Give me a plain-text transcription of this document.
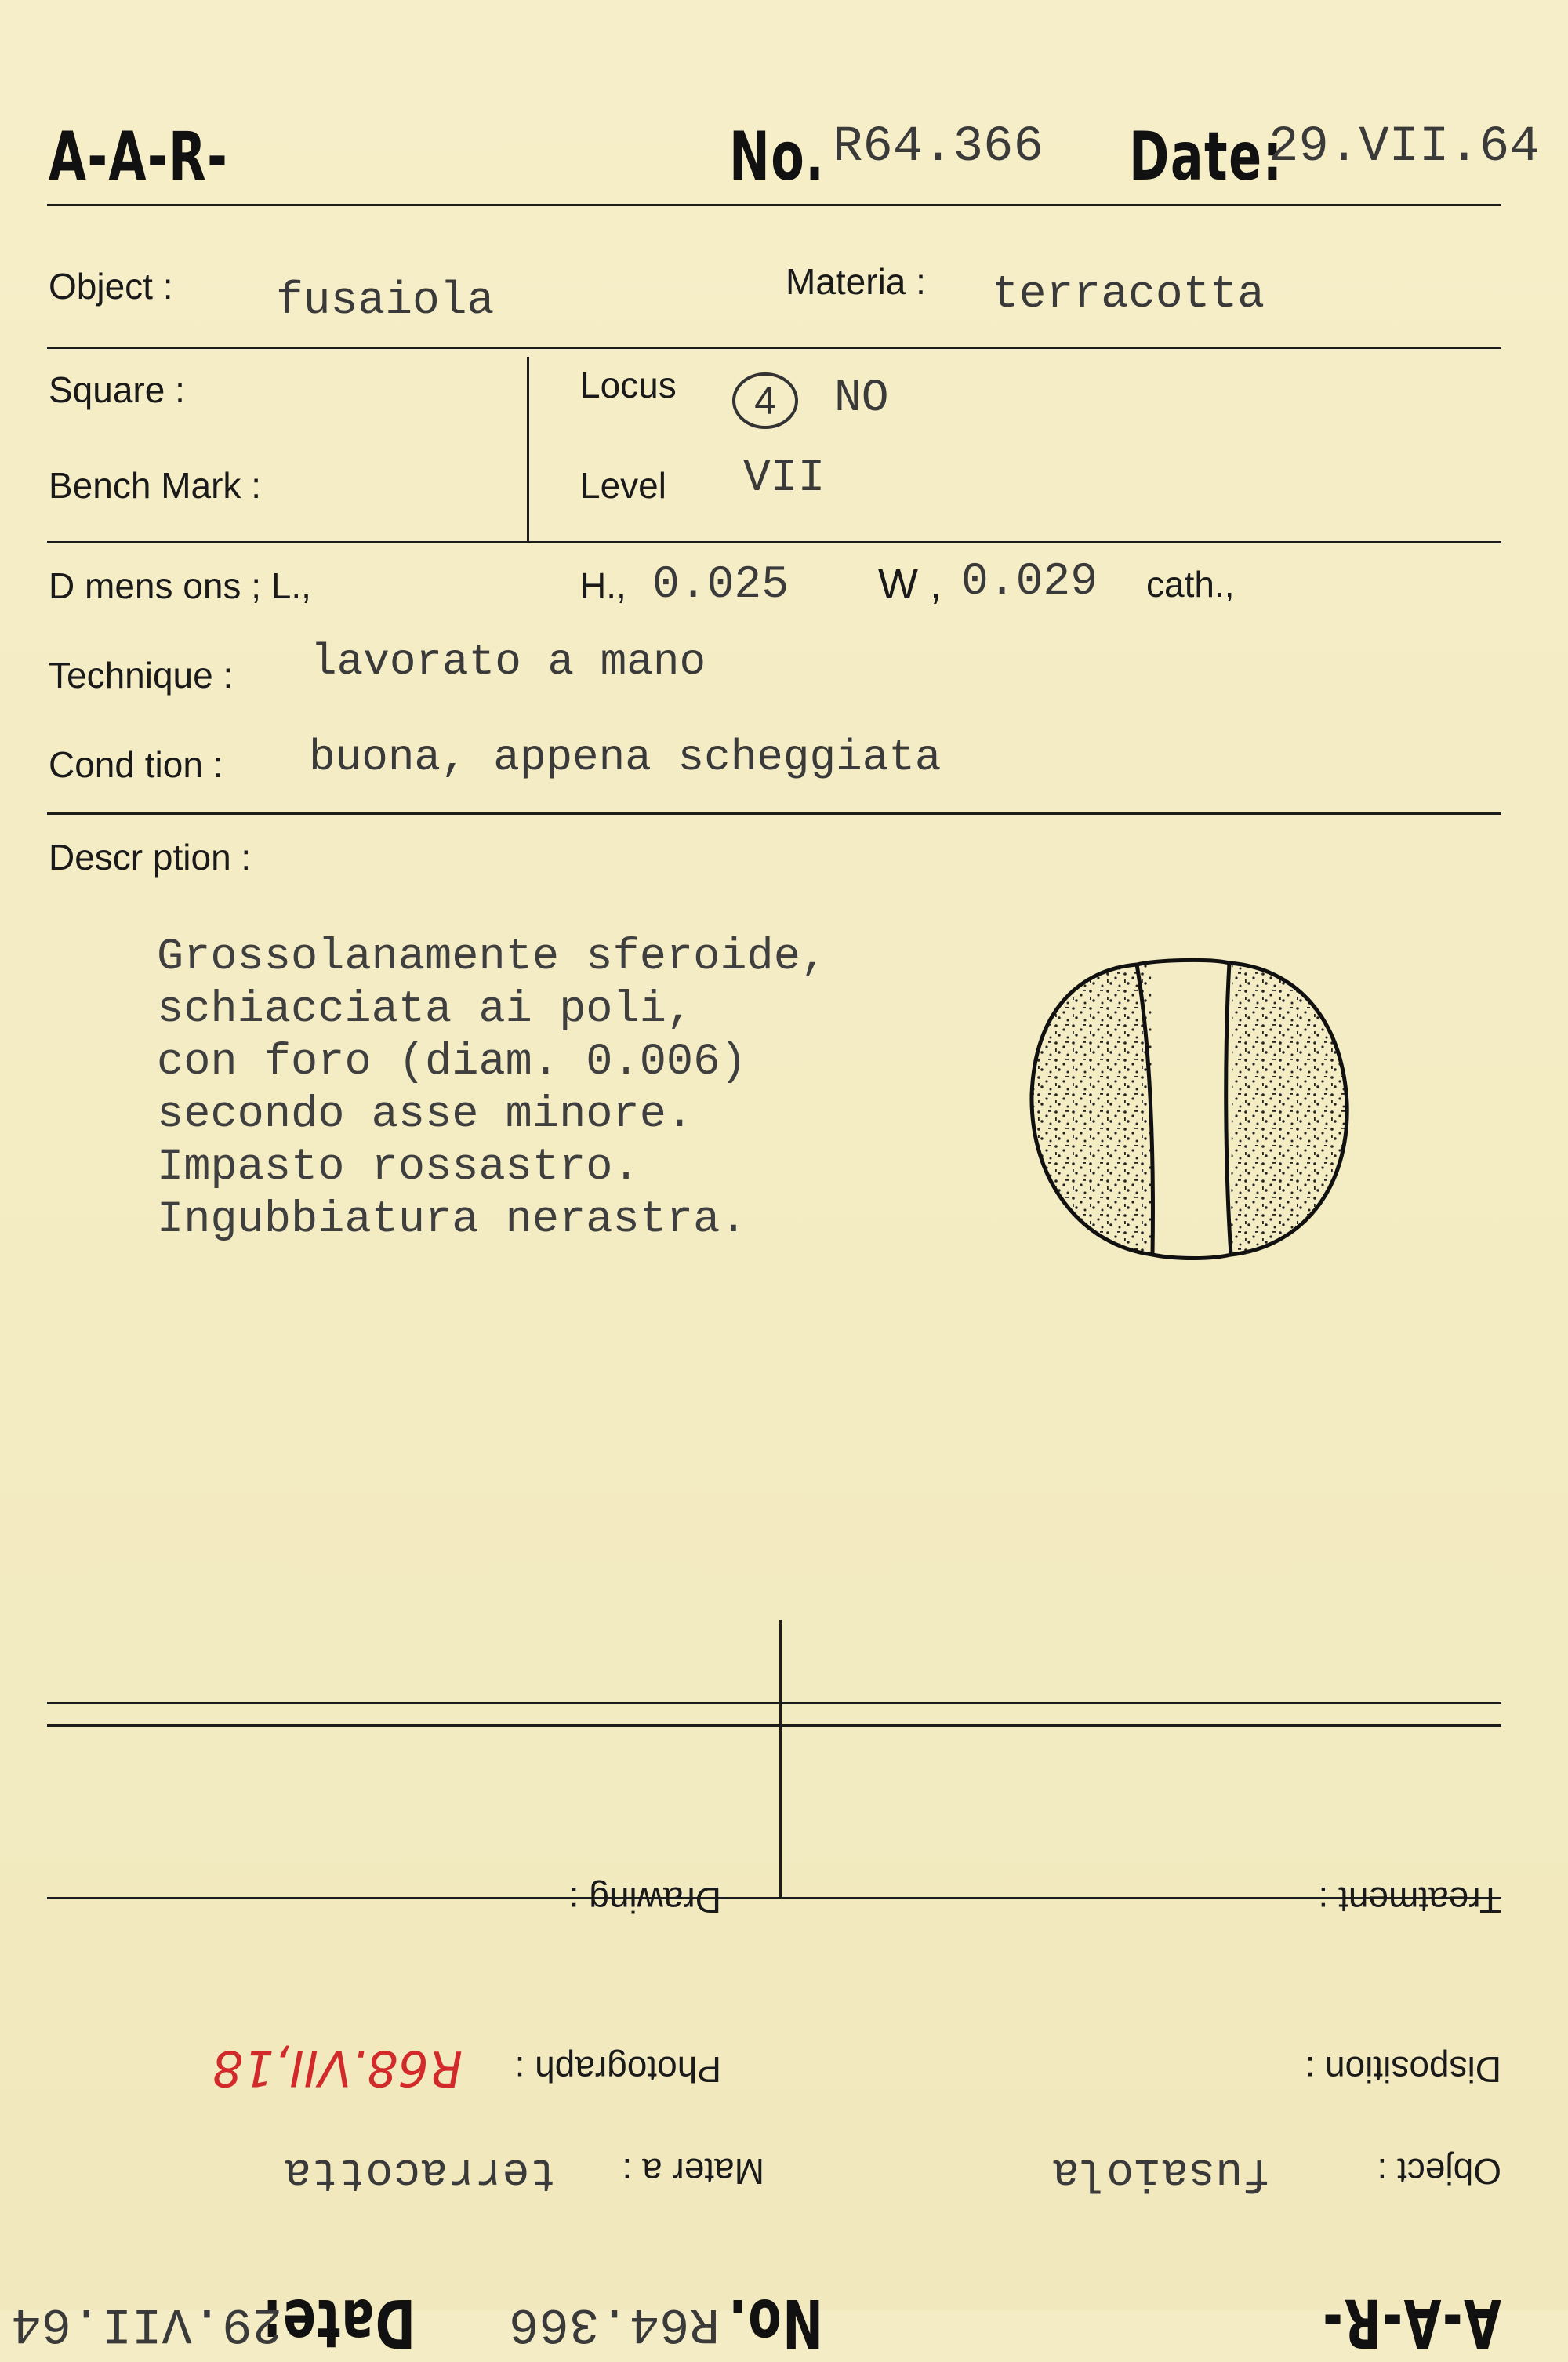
A-A-R-	No. R64.366 Date:
29.VII.64
Object : fusaiola	Materia : terracotta
Square :
Bench Mark :
Locus 4 NO
Level VII
D mens ons ; L.,	H., 0.025 W , 0.029 cath.,
Technique : lavorato a mano
Cond tion : buona, appena scheggiata
Descr ption :
Grossolanamente sferoide,
schiacciata ai poli,
con foro (diam. 0.006)
secondo asse minore.
Impasto rossastro.
Ingubbiatura nerastra.
Treatment :
Drawing :
Disposition :
Photograph :
R68.VII,18
Object :
fusaiola
Mater a :
terracotta
A-A-R-
No.
R64.366
Date:
29.VII.64
